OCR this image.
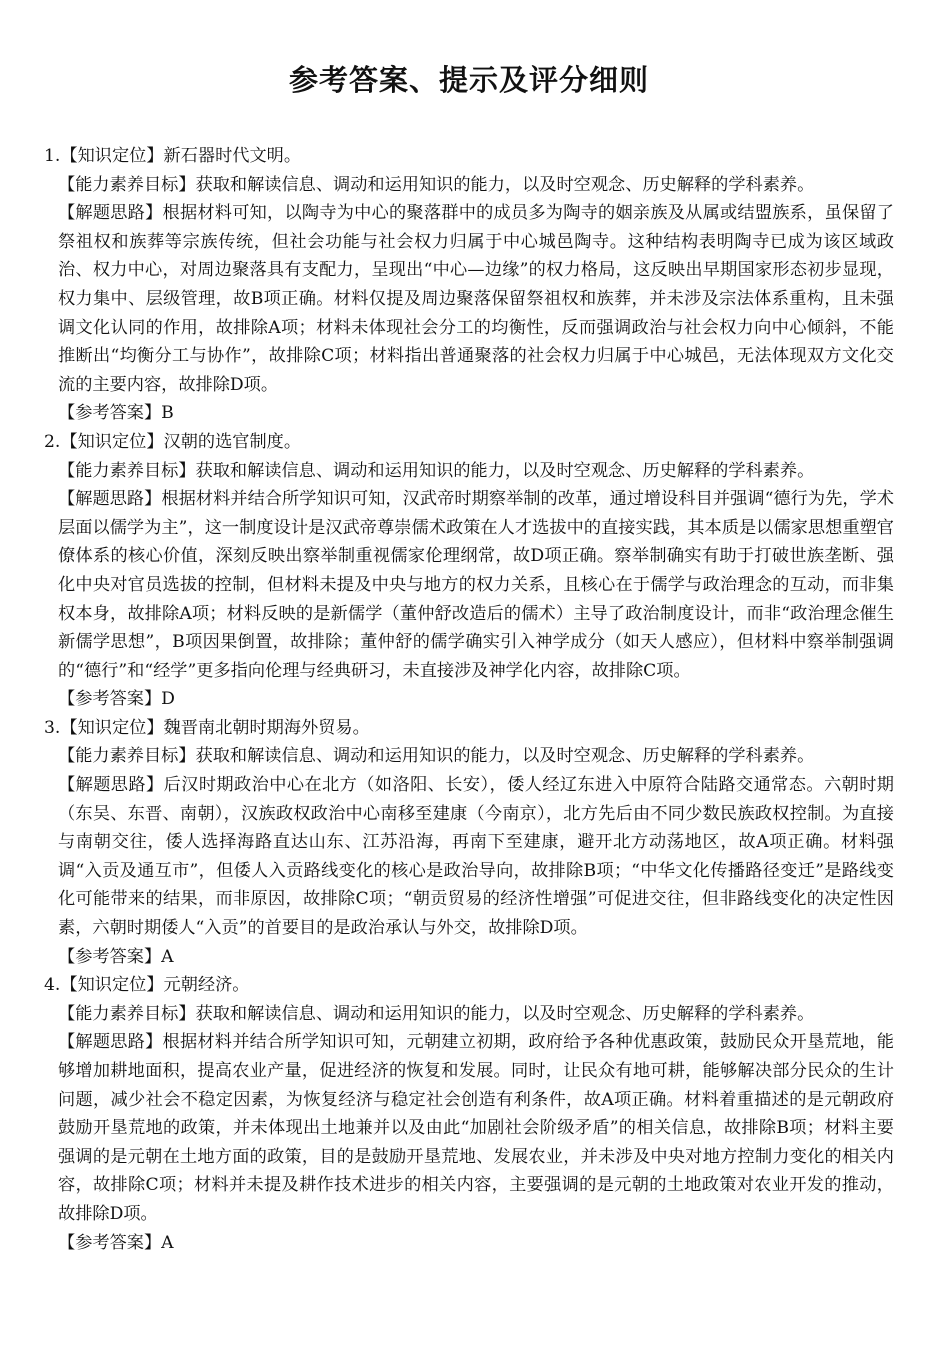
参考答案、提示及评分细则

1.【知识定位】新石器时代文明。

【能力素养目标】获取和解读信息、调动和运用知识的能力，以及时空观念、历史解释的学科素养。

【解题思路】根据材料可知，以陶寺为中心的聚落群中的成员多为陶寺的姻亲族及从属或结盟族系，虽保留了祭祖权和族葬等宗族传统，但社会功能与社会权力归属于中心城邑陶寺。这种结构表明陶寺已成为该区域政治、权力中心，对周边聚落具有支配力，呈现出“中心—边缘”的权力格局，这反映出早期国家形态初步显现，权力集中、层级管理，故B项正确。材料仅提及周边聚落保留祭祖权和族葬，并未涉及宗法体系重构，且未强调文化认同的作用，故排除A项；材料未体现社会分工的均衡性，反而强调政治与社会权力向中心倾斜，不能推断出“均衡分工与协作”，故排除C项；材料指出普通聚落的社会权力归属于中心城邑，无法体现双方文化交流的主要内容，故排除D项。

【参考答案】B

2.【知识定位】汉朝的选官制度。

【能力素养目标】获取和解读信息、调动和运用知识的能力，以及时空观念、历史解释的学科素养。

【解题思路】根据材料并结合所学知识可知，汉武帝时期察举制的改革，通过增设科目并强调“德行为先，学术层面以儒学为主”，这一制度设计是汉武帝尊崇儒术政策在人才选拔中的直接实践，其本质是以儒家思想重塑官僚体系的核心价值，深刻反映出察举制重视儒家伦理纲常，故D项正确。察举制确实有助于打破世族垄断、强化中央对官员选拔的控制，但材料未提及中央与地方的权力关系，且核心在于儒学与政治理念的互动，而非集权本身，故排除A项；材料反映的是新儒学（董仲舒改造后的儒术）主导了政治制度设计，而非“政治理念催生新儒学思想”，B项因果倒置，故排除；董仲舒的儒学确实引入神学成分（如天人感应），但材料中察举制强调的“德行”和“经学”更多指向伦理与经典研习，未直接涉及神学化内容，故排除C项。

【参考答案】D

3.【知识定位】魏晋南北朝时期海外贸易。

【能力素养目标】获取和解读信息、调动和运用知识的能力，以及时空观念、历史解释的学科素养。

【解题思路】后汉时期政治中心在北方（如洛阳、长安），倭人经辽东进入中原符合陆路交通常态。六朝时期（东吴、东晋、南朝），汉族政权政治中心南移至建康（今南京），北方先后由不同少数民族政权控制。为直接与南朝交往，倭人选择海路直达山东、江苏沿海，再南下至建康，避开北方动荡地区，故A项正确。材料强调“入贡及通互市”，但倭人入贡路线变化的核心是政治导向，故排除B项；“中华文化传播路径变迁”是路线变化可能带来的结果，而非原因，故排除C项；“朝贡贸易的经济性增强”可促进交往，但非路线变化的决定性因素，六朝时期倭人“入贡”的首要目的是政治承认与外交，故排除D项。

【参考答案】A

4.【知识定位】元朝经济。

【能力素养目标】获取和解读信息、调动和运用知识的能力，以及时空观念、历史解释的学科素养。

【解题思路】根据材料并结合所学知识可知，元朝建立初期，政府给予各种优惠政策，鼓励民众开垦荒地，能够增加耕地面积，提高农业产量，促进经济的恢复和发展。同时，让民众有地可耕，能够解决部分民众的生计问题，减少社会不稳定因素，为恢复经济与稳定社会创造有利条件，故A项正确。材料着重描述的是元朝政府鼓励开垦荒地的政策，并未体现出土地兼并以及由此“加剧社会阶级矛盾”的相关信息，故排除B项；材料主要强调的是元朝在土地方面的政策，目的是鼓励开垦荒地、发展农业，并未涉及中央对地方控制力变化的相关内容，故排除C项；材料并未提及耕作技术进步的相关内容，主要强调的是元朝的土地政策对农业开发的推动，故排除D项。

【参考答案】A
